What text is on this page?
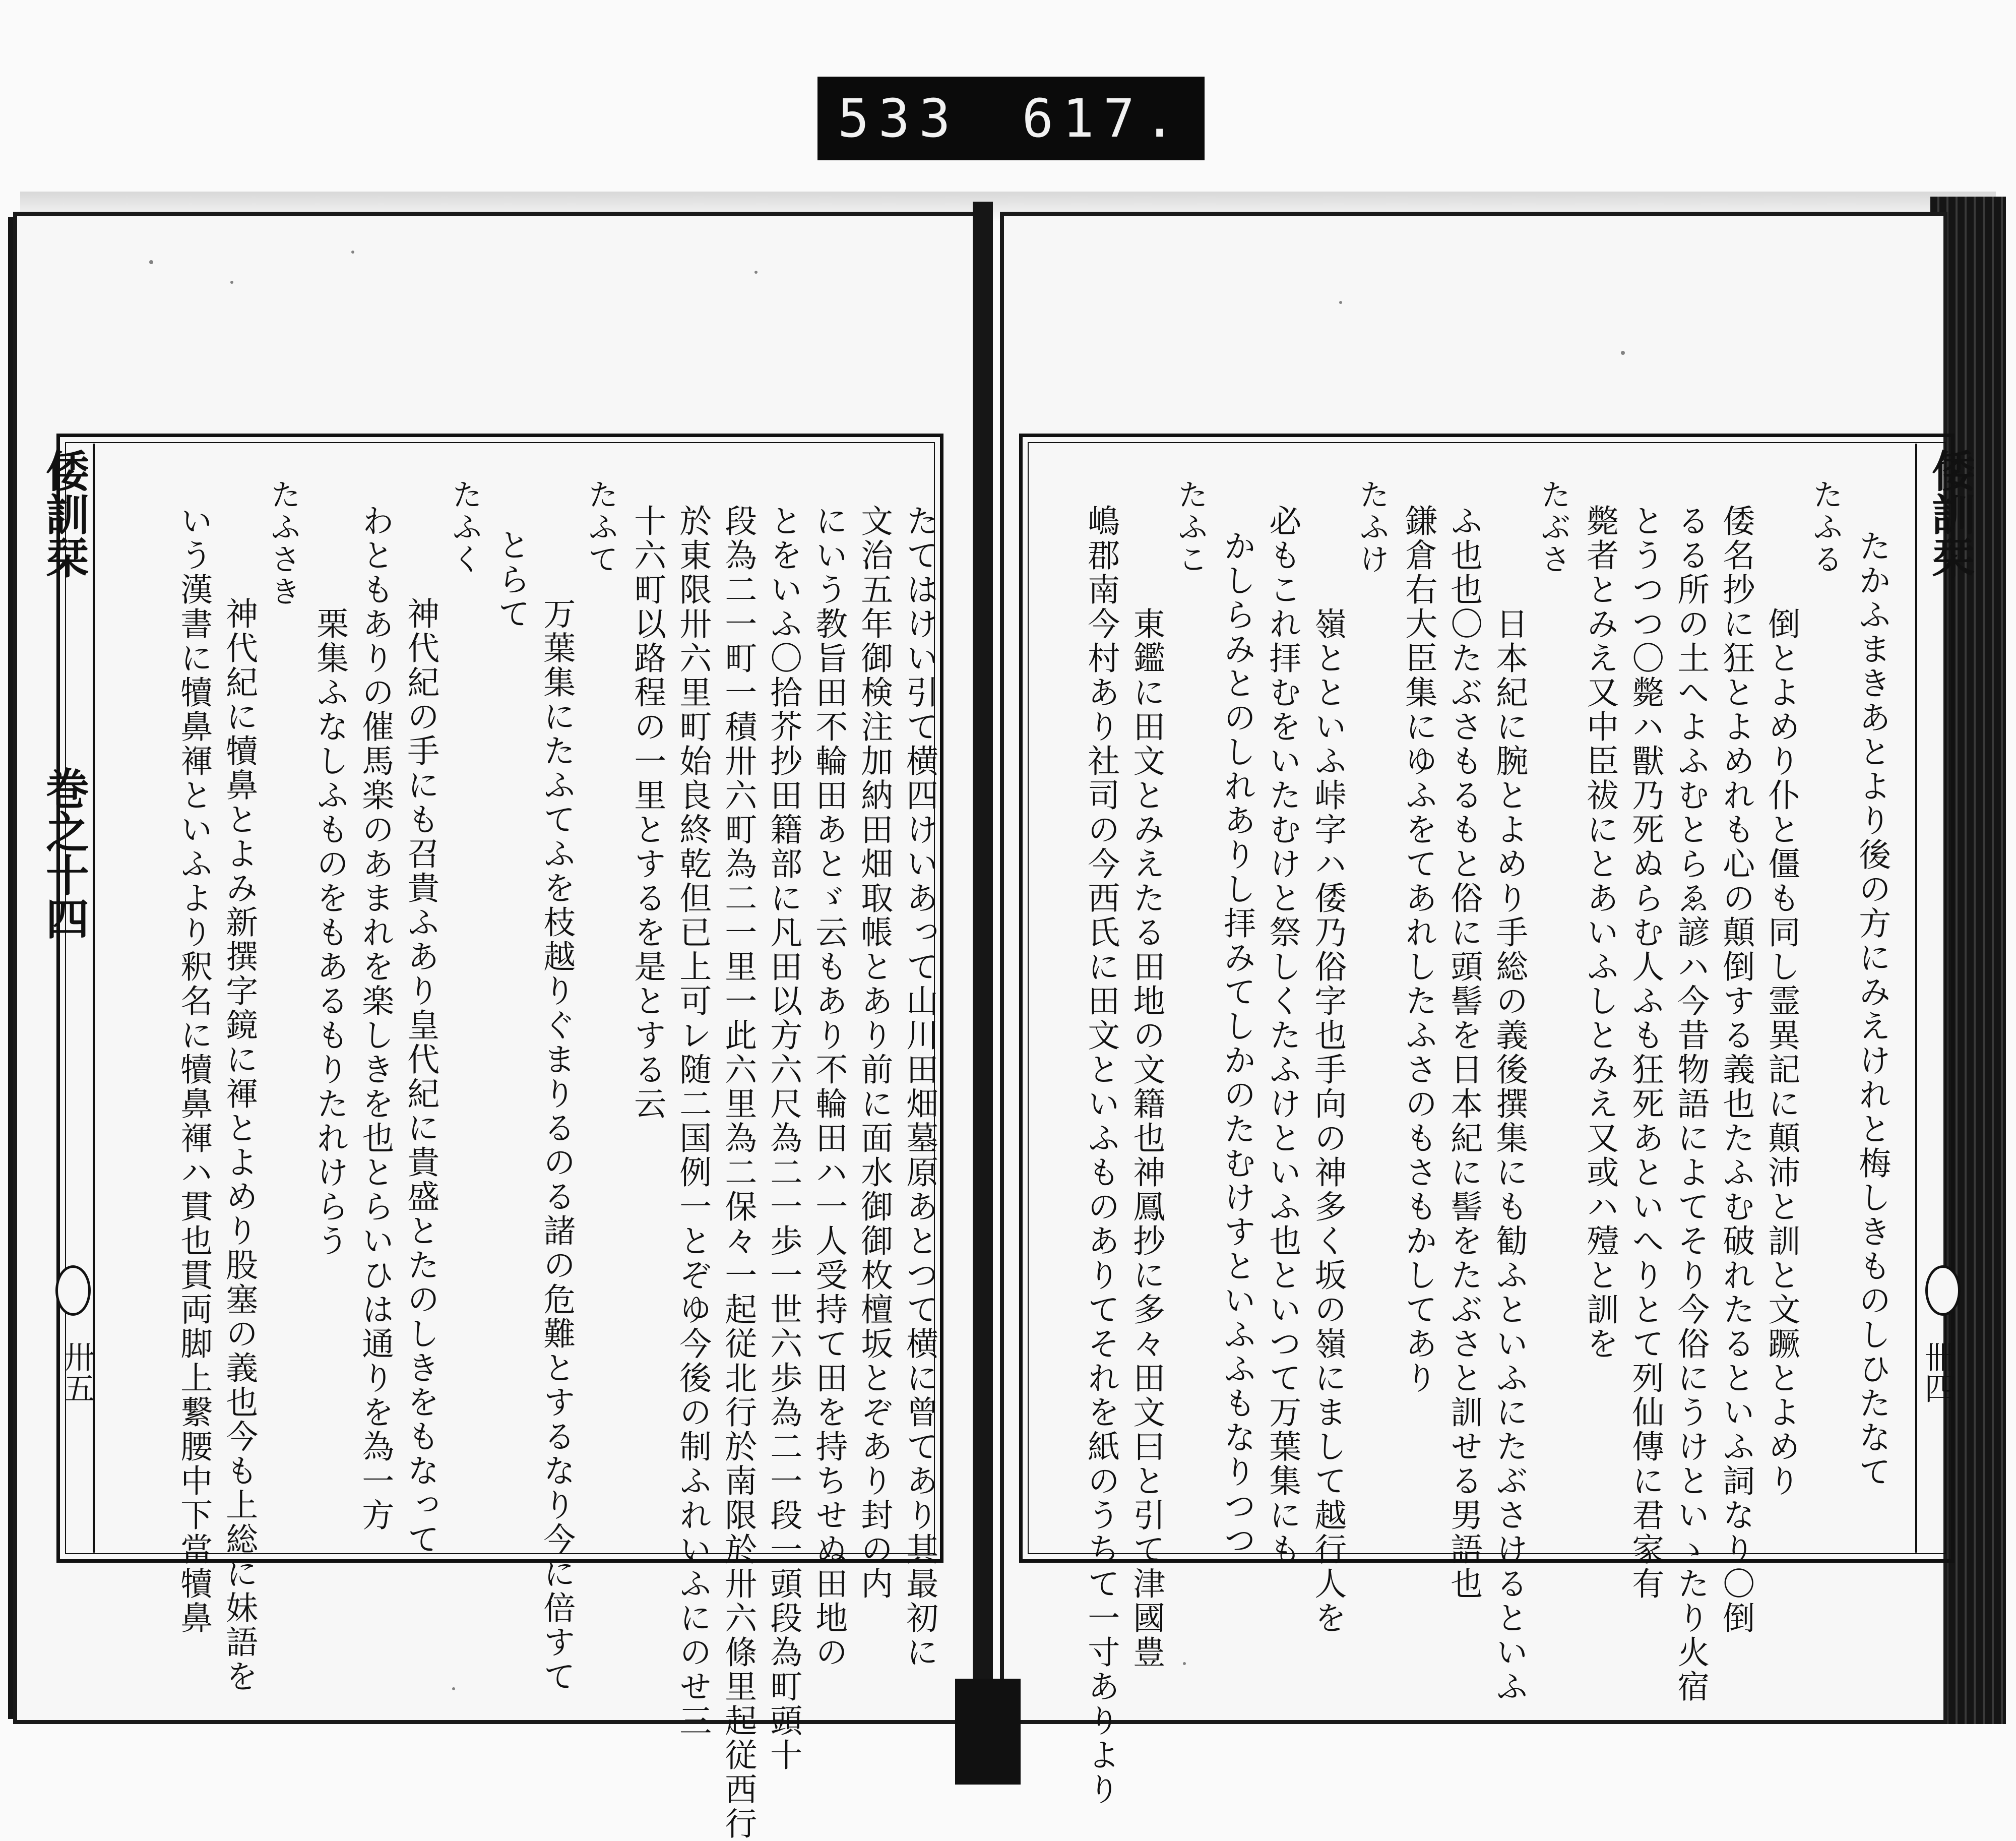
533 617.
倭訓栞
巻之十四
卅五	たてはけい引て横四けいあって山川田畑墓原あとつて横に曾てあり其最初に
文治五年御検注加納田畑取帳とあり前に面水御御枚檀坂とぞあり封の内
にいう教旨田不輪田あとゞ云もあり不輪田ハ一人受持て田を持ちせぬ田地の
とをいふ〇拾芥抄田籍部に凡田以方六尺為二一歩一世六歩為二一段一頭段為町頭十
段為二一町一積卅六町為二一里一此六里為二保々一起従北行於南限於卅六條里起従西行
於東限卅六里町始良終乾但已上可レ随二国例一とぞゆ今後の制ふれいふにのせ三
十六町以路程の一里とするを是とする云
たふて
　　　万葉集にたふてふを枝越りぐまりるのる諸の危難とするなり今に倍すて
　とらて
たふく
　　　神代紀の手にも召貴ふあり皇代紀に貴盛とたのしきをもなって
わともありの催馬楽のあまれを楽しきを也とらいひは通りを為一方
　　　栗集ふなしふものをもあるもりたれけらう
たふさき
　　　神代紀に犢鼻とよみ新撰字鏡に褌とよめり股塞の義也今も上総に妹語を
いう漢書に犢鼻褌といふより釈名に犢鼻褌ハ貫也貫両脚上繋腰中下當犢鼻	倭訓栞
卌四
たかふまきあとより後の方にみえけれと梅しきものしひたなて
たふる
　　　倒とよめり仆と僵も同し霊異記に顛沛と訓と文蹶とよめり
倭名抄に狂とよめれも心の顛倒する義也たふむ破れたるといふ詞なり〇倒
るる所の土へよふむとらゑ諺ハ今昔物語によてそり今俗にうけといゝたり火宿
とうつつ〇斃ハ獸乃死ぬらむ人ふも狂死あといへりとて列仙傳に君家有
斃者とみえ又中臣祓にとあいふしとみえ又或ハ殪と訓を
たぶさ
　　　日本紀に腕とよめり手総の義後撰集にも勧ふといふにたぶさけるといふ
ふ也也〇たぶさもるもと俗に頭髻を日本紀に髻をたぶさと訓せる男語也
鎌倉右大臣集にゆふをてあれしたふさのもさもかしてあり
たふけ
　　　嶺とといふ峠字ハ倭乃俗字也手向の神多く坂の嶺にまして越行人を
必もこれ拝むをいたむけと祭しくたふけといふ也といつて万葉集にも
かしらみとのしれありし拝みてしかのたむけすといふふもなりつつ
たふこ
　　　東鑑に田文とみえたる田地の文籍也神鳳抄に多々田文曰と引て津國豊
嶋郡南今村あり社司の今西氏に田文といふものありてそれを紙のうちて一寸ありより
